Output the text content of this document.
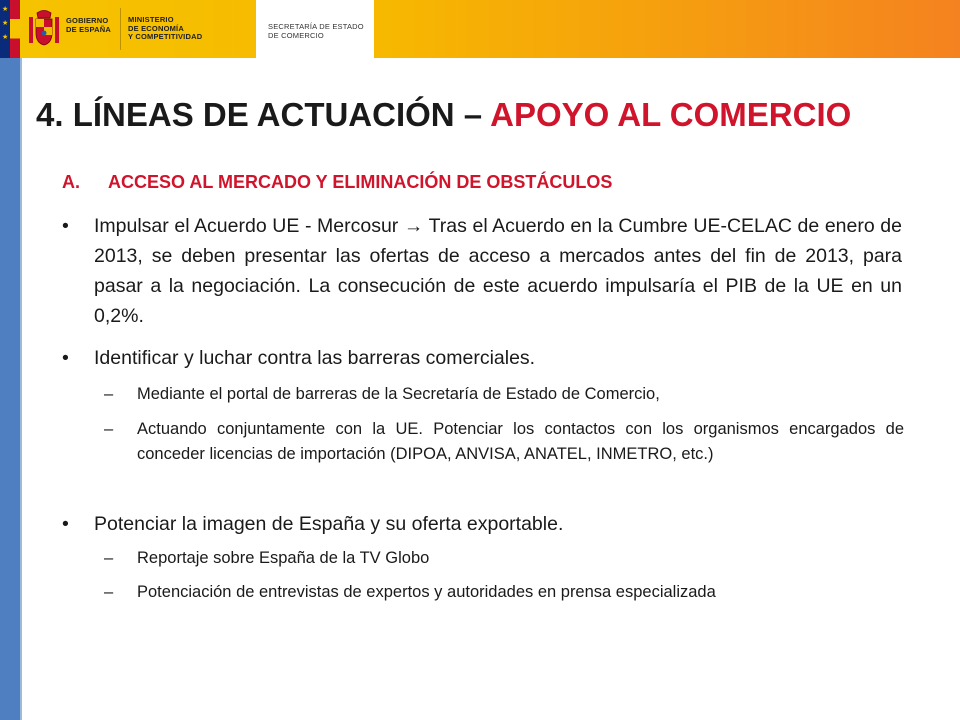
★
★
★
GOBIERNO
DE ESPAÑA
MINISTERIO
DE ECONOMÍA
Y COMPETITIVIDAD
SECRETARÍA DE ESTADO
DE COMERCIO
4. LÍNEAS DE ACTUACIÓN – APOYO AL COMERCIO
A. ACCESO AL MERCADO Y ELIMINACIÓN DE OBSTÁCULOS
•	Impulsar el Acuerdo UE - Mercosur → Tras el Acuerdo en la Cumbre UE-CELAC de enero de 2013, se deben presentar las ofertas de acceso a mercados antes del fin de 2013, para pasar a la negociación. La consecución de este acuerdo impulsaría el PIB de la UE en un 0,2%.
•	Identificar y luchar contra las barreras comerciales.
–	Mediante el portal de barreras de la Secretaría de Estado de Comercio,
–	Actuando conjuntamente con la UE. Potenciar los contactos con los organismos encargados de conceder licencias de importación (DIPOA, ANVISA, ANATEL, INMETRO, etc.)
•	Potenciar la imagen de España y su oferta exportable.
–	Reportaje sobre España de la TV Globo
–	Potenciación de entrevistas de expertos y autoridades en prensa especializada
